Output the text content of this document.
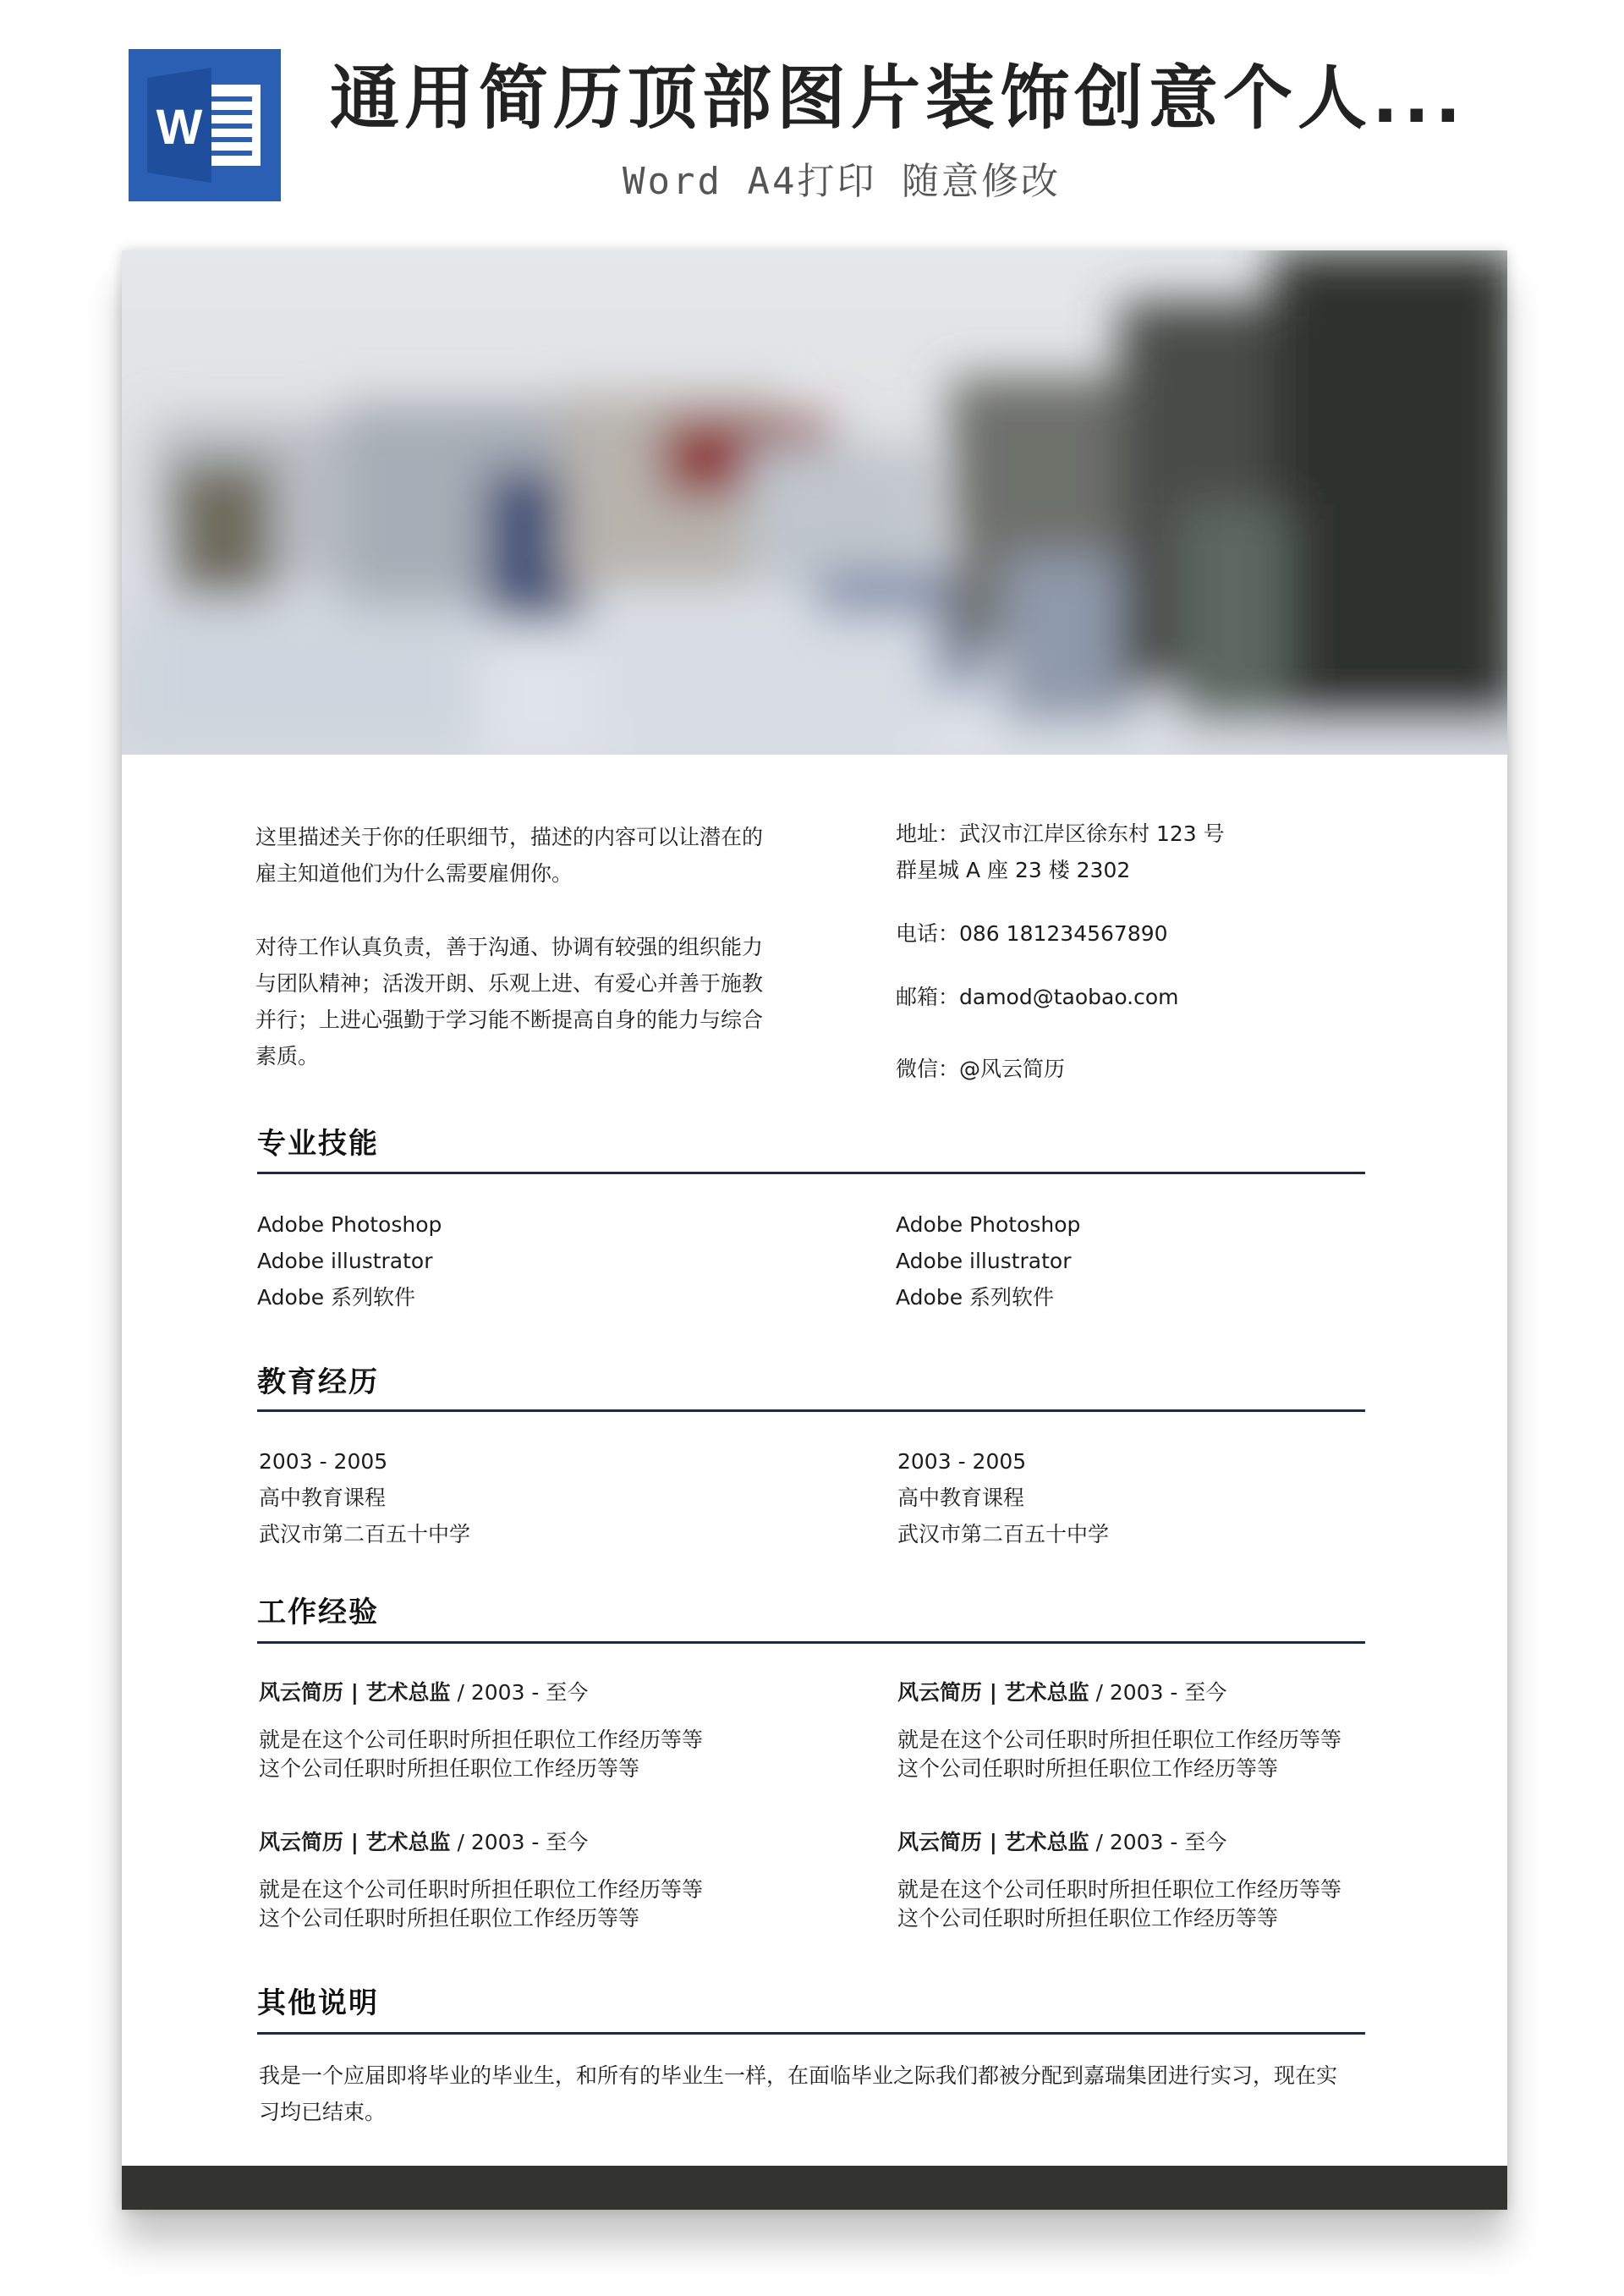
W 通用简历顶部图片装饰创意个人...
Word A4打印 随意修改
这里描述关于你的任职细节，描述的内容可以让潜在的
雇主知道他们为什么需要雇佣你。
对待工作认真负责，善于沟通、协调有较强的组织能力
与团队精神；活泼开朗、乐观上进、有爱心并善于施教
并行；上进心强勤于学习能不断提高自身的能力与综合
素质。
地址：武汉市江岸区徐东村 123 号
群星城 A 座 23 楼 2302
电话：086 181234567890
邮箱：damod@taobao.com
微信：@风云简历
专业技能
Adobe Photoshop
Adobe illustrator
Adobe 系列软件
Adobe Photoshop
Adobe illustrator
Adobe 系列软件
教育经历
2003 - 2005
高中教育课程
武汉市第二百五十中学
2003 - 2005
高中教育课程
武汉市第二百五十中学
工作经验
风云简历 | 艺术总监 / 2003 - 至今
就是在这个公司任职时所担任职位工作经历等等
这个公司任职时所担任职位工作经历等等
风云简历 | 艺术总监 / 2003 - 至今
就是在这个公司任职时所担任职位工作经历等等
这个公司任职时所担任职位工作经历等等
风云简历 | 艺术总监 / 2003 - 至今
就是在这个公司任职时所担任职位工作经历等等
这个公司任职时所担任职位工作经历等等
风云简历 | 艺术总监 / 2003 - 至今
就是在这个公司任职时所担任职位工作经历等等
这个公司任职时所担任职位工作经历等等
其他说明
我是一个应届即将毕业的毕业生，和所有的毕业生一样，在面临毕业之际我们都被分配到嘉瑞集团进行实习，现在实
习均已结束。
